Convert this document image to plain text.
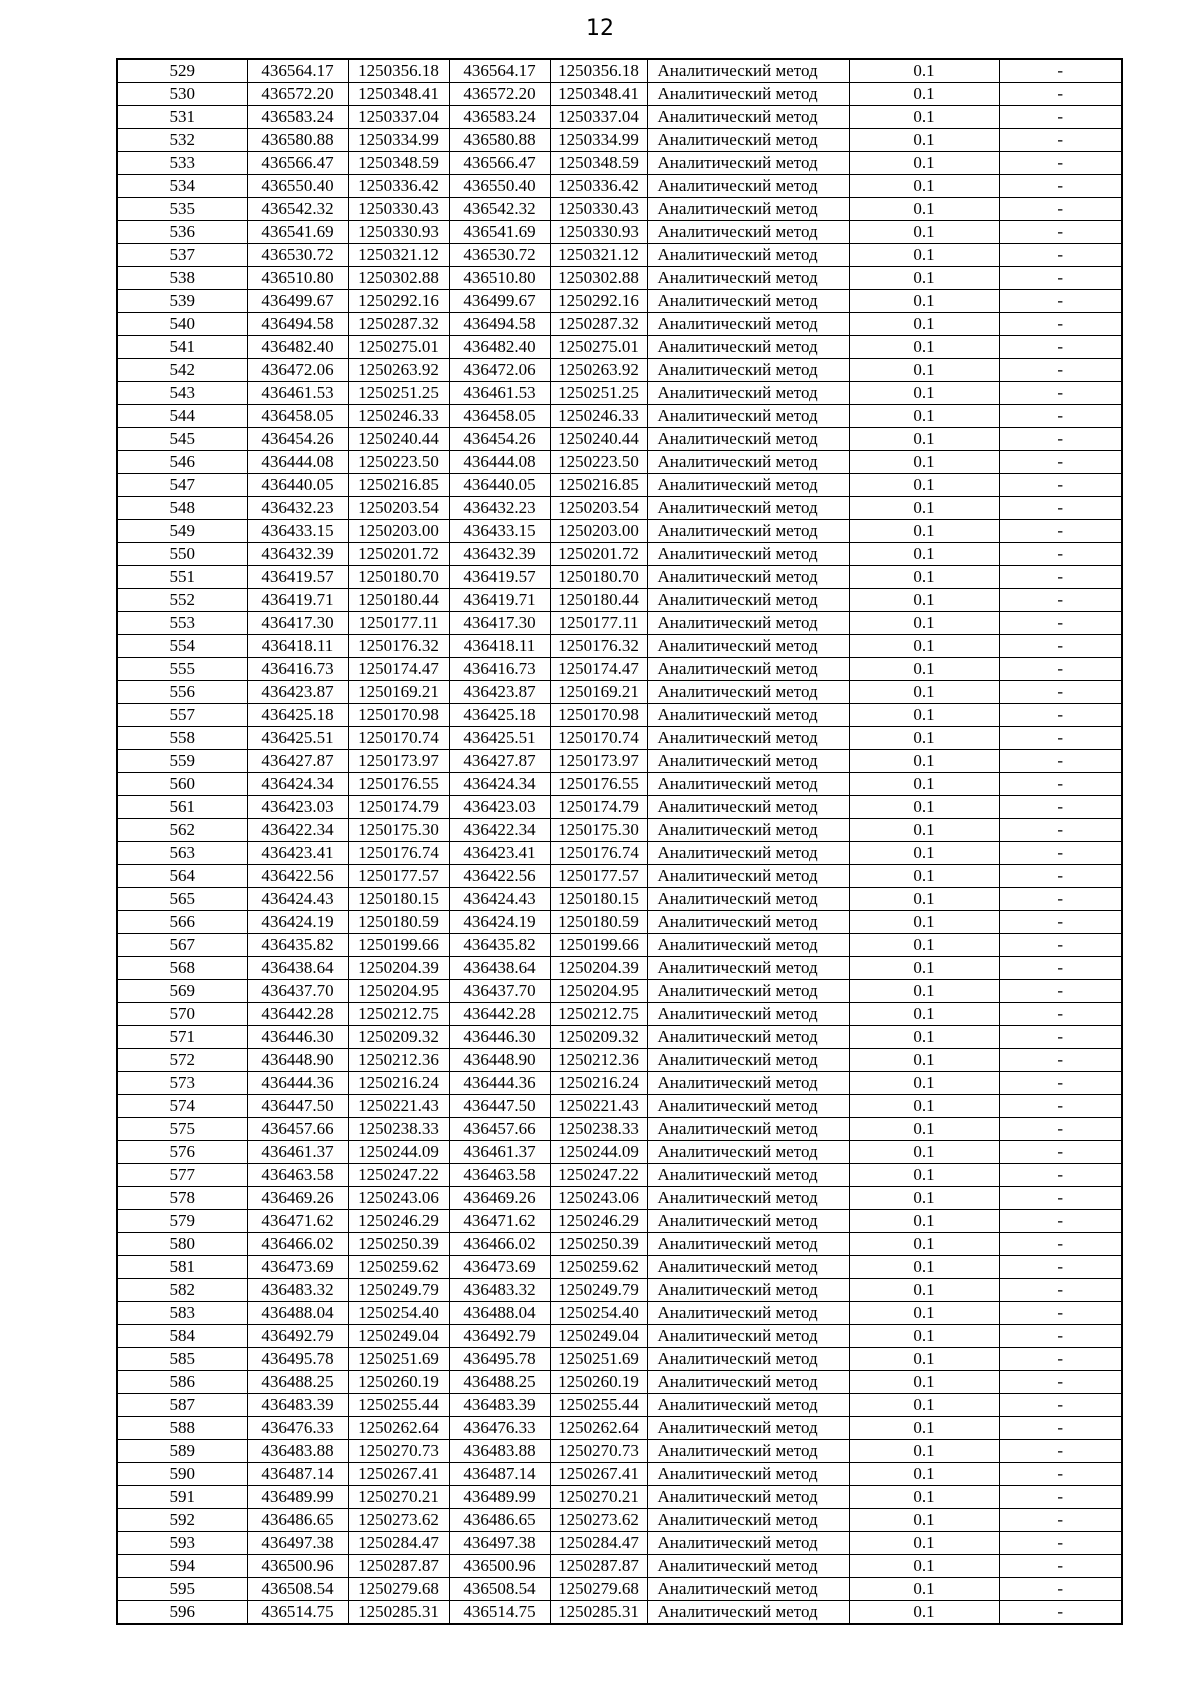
12
529	436564.17	1250356.18	436564.17	1250356.18	Аналитический метод	0.1	-
530	436572.20	1250348.41	436572.20	1250348.41	Аналитический метод	0.1	-
531	436583.24	1250337.04	436583.24	1250337.04	Аналитический метод	0.1	-
532	436580.88	1250334.99	436580.88	1250334.99	Аналитический метод	0.1	-
533	436566.47	1250348.59	436566.47	1250348.59	Аналитический метод	0.1	-
534	436550.40	1250336.42	436550.40	1250336.42	Аналитический метод	0.1	-
535	436542.32	1250330.43	436542.32	1250330.43	Аналитический метод	0.1	-
536	436541.69	1250330.93	436541.69	1250330.93	Аналитический метод	0.1	-
537	436530.72	1250321.12	436530.72	1250321.12	Аналитический метод	0.1	-
538	436510.80	1250302.88	436510.80	1250302.88	Аналитический метод	0.1	-
539	436499.67	1250292.16	436499.67	1250292.16	Аналитический метод	0.1	-
540	436494.58	1250287.32	436494.58	1250287.32	Аналитический метод	0.1	-
541	436482.40	1250275.01	436482.40	1250275.01	Аналитический метод	0.1	-
542	436472.06	1250263.92	436472.06	1250263.92	Аналитический метод	0.1	-
543	436461.53	1250251.25	436461.53	1250251.25	Аналитический метод	0.1	-
544	436458.05	1250246.33	436458.05	1250246.33	Аналитический метод	0.1	-
545	436454.26	1250240.44	436454.26	1250240.44	Аналитический метод	0.1	-
546	436444.08	1250223.50	436444.08	1250223.50	Аналитический метод	0.1	-
547	436440.05	1250216.85	436440.05	1250216.85	Аналитический метод	0.1	-
548	436432.23	1250203.54	436432.23	1250203.54	Аналитический метод	0.1	-
549	436433.15	1250203.00	436433.15	1250203.00	Аналитический метод	0.1	-
550	436432.39	1250201.72	436432.39	1250201.72	Аналитический метод	0.1	-
551	436419.57	1250180.70	436419.57	1250180.70	Аналитический метод	0.1	-
552	436419.71	1250180.44	436419.71	1250180.44	Аналитический метод	0.1	-
553	436417.30	1250177.11	436417.30	1250177.11	Аналитический метод	0.1	-
554	436418.11	1250176.32	436418.11	1250176.32	Аналитический метод	0.1	-
555	436416.73	1250174.47	436416.73	1250174.47	Аналитический метод	0.1	-
556	436423.87	1250169.21	436423.87	1250169.21	Аналитический метод	0.1	-
557	436425.18	1250170.98	436425.18	1250170.98	Аналитический метод	0.1	-
558	436425.51	1250170.74	436425.51	1250170.74	Аналитический метод	0.1	-
559	436427.87	1250173.97	436427.87	1250173.97	Аналитический метод	0.1	-
560	436424.34	1250176.55	436424.34	1250176.55	Аналитический метод	0.1	-
561	436423.03	1250174.79	436423.03	1250174.79	Аналитический метод	0.1	-
562	436422.34	1250175.30	436422.34	1250175.30	Аналитический метод	0.1	-
563	436423.41	1250176.74	436423.41	1250176.74	Аналитический метод	0.1	-
564	436422.56	1250177.57	436422.56	1250177.57	Аналитический метод	0.1	-
565	436424.43	1250180.15	436424.43	1250180.15	Аналитический метод	0.1	-
566	436424.19	1250180.59	436424.19	1250180.59	Аналитический метод	0.1	-
567	436435.82	1250199.66	436435.82	1250199.66	Аналитический метод	0.1	-
568	436438.64	1250204.39	436438.64	1250204.39	Аналитический метод	0.1	-
569	436437.70	1250204.95	436437.70	1250204.95	Аналитический метод	0.1	-
570	436442.28	1250212.75	436442.28	1250212.75	Аналитический метод	0.1	-
571	436446.30	1250209.32	436446.30	1250209.32	Аналитический метод	0.1	-
572	436448.90	1250212.36	436448.90	1250212.36	Аналитический метод	0.1	-
573	436444.36	1250216.24	436444.36	1250216.24	Аналитический метод	0.1	-
574	436447.50	1250221.43	436447.50	1250221.43	Аналитический метод	0.1	-
575	436457.66	1250238.33	436457.66	1250238.33	Аналитический метод	0.1	-
576	436461.37	1250244.09	436461.37	1250244.09	Аналитический метод	0.1	-
577	436463.58	1250247.22	436463.58	1250247.22	Аналитический метод	0.1	-
578	436469.26	1250243.06	436469.26	1250243.06	Аналитический метод	0.1	-
579	436471.62	1250246.29	436471.62	1250246.29	Аналитический метод	0.1	-
580	436466.02	1250250.39	436466.02	1250250.39	Аналитический метод	0.1	-
581	436473.69	1250259.62	436473.69	1250259.62	Аналитический метод	0.1	-
582	436483.32	1250249.79	436483.32	1250249.79	Аналитический метод	0.1	-
583	436488.04	1250254.40	436488.04	1250254.40	Аналитический метод	0.1	-
584	436492.79	1250249.04	436492.79	1250249.04	Аналитический метод	0.1	-
585	436495.78	1250251.69	436495.78	1250251.69	Аналитический метод	0.1	-
586	436488.25	1250260.19	436488.25	1250260.19	Аналитический метод	0.1	-
587	436483.39	1250255.44	436483.39	1250255.44	Аналитический метод	0.1	-
588	436476.33	1250262.64	436476.33	1250262.64	Аналитический метод	0.1	-
589	436483.88	1250270.73	436483.88	1250270.73	Аналитический метод	0.1	-
590	436487.14	1250267.41	436487.14	1250267.41	Аналитический метод	0.1	-
591	436489.99	1250270.21	436489.99	1250270.21	Аналитический метод	0.1	-
592	436486.65	1250273.62	436486.65	1250273.62	Аналитический метод	0.1	-
593	436497.38	1250284.47	436497.38	1250284.47	Аналитический метод	0.1	-
594	436500.96	1250287.87	436500.96	1250287.87	Аналитический метод	0.1	-
595	436508.54	1250279.68	436508.54	1250279.68	Аналитический метод	0.1	-
596	436514.75	1250285.31	436514.75	1250285.31	Аналитический метод	0.1	-
